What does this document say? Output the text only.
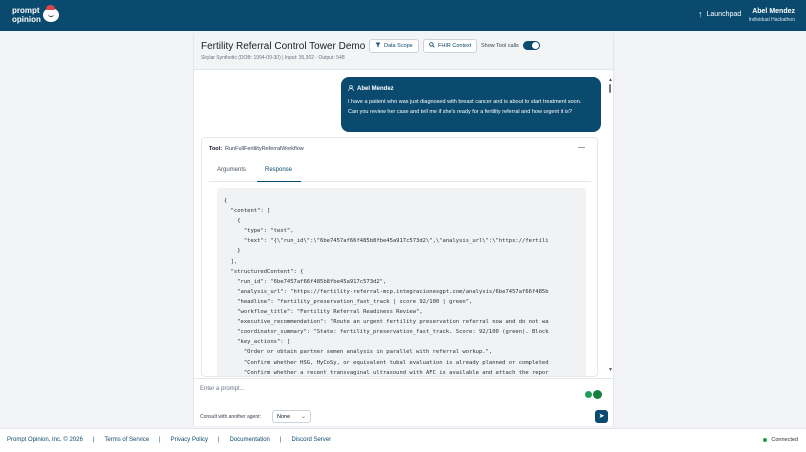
prompt
opinion
↑ Launchpad	Abel Mendez
Individual Hackathon
Fertility Referral Control Tower Demo
Skylar Synthetic (DOB: 1994-09-30) | Input: 35,302 - Output: 548
Data Scope	FHIR Context Show Tool calls
Abel Mendez
I have a patient who was just diagnosed with breast cancer and is about to start treatment soon. Can you review her case and tell me if she's ready for a fertility referral and how urgent it is?
▲
▼
Tool: RunFullFertilityReferralWorkflow	—
Arguments	Response
{
"content": [
{
"type": "text",
"text": "{\"run_id\":\"6be7457af66f485b8fbe45a917c573d2\",\"analysis_url\":\"https://fertili
}
],
"structuredContent": {
"run_id": "6be7457af66f485b8fbe45a917c573d2",
"analysis_url": "https://fertility-referral-mcp.integracionesgpt.com/analysis/6be7457af66f485b
"headline": "fertility_preservation_fast_track | score 92/100 | green",
"workflow_title": "Fertility Referral Readiness Review",
"executive_recommendation": "Route an urgent fertility preservation referral now and do not wa
"coordinator_summary": "State: fertility_preservation_fast_track. Score: 92/100 (green). Block
"key_actions": [
"Order or obtain partner semen analysis in parallel with referral workup.",
"Confirm whether HSG, HyCoSy, or equivalent tubal evaluation is already planned or completed
"Confirm whether a recent transvaginal ultrasound with AFC is available and attach the repor
Enter a prompt...
Consult with another agent:	None ⌄	➤
Prompt Opinion, Inc. © 2026 | Terms of Service | Privacy Policy | Documentation | Discord Server	Connected
